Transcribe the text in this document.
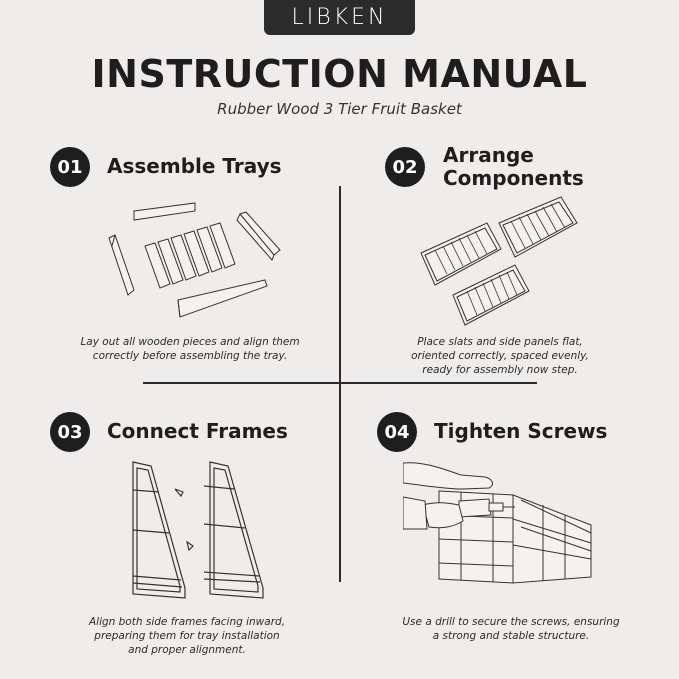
LIBKEN
INSTRUCTION MANUAL
Rubber Wood 3 Tier Fruit Basket
01	Assemble Trays
Lay out all wooden pieces and align them
correctly before assembling the tray.
02	Arrange
Components
Place slats and side panels flat,
oriented correctly, spaced evenly,
ready for assembly now step.
03	Connect Frames
Align both side frames facing inward,
preparing them for tray installation
and proper alignment.
04	Tighten Screws
Use a drill to secure the screws, ensuring
a strong and stable structure.
